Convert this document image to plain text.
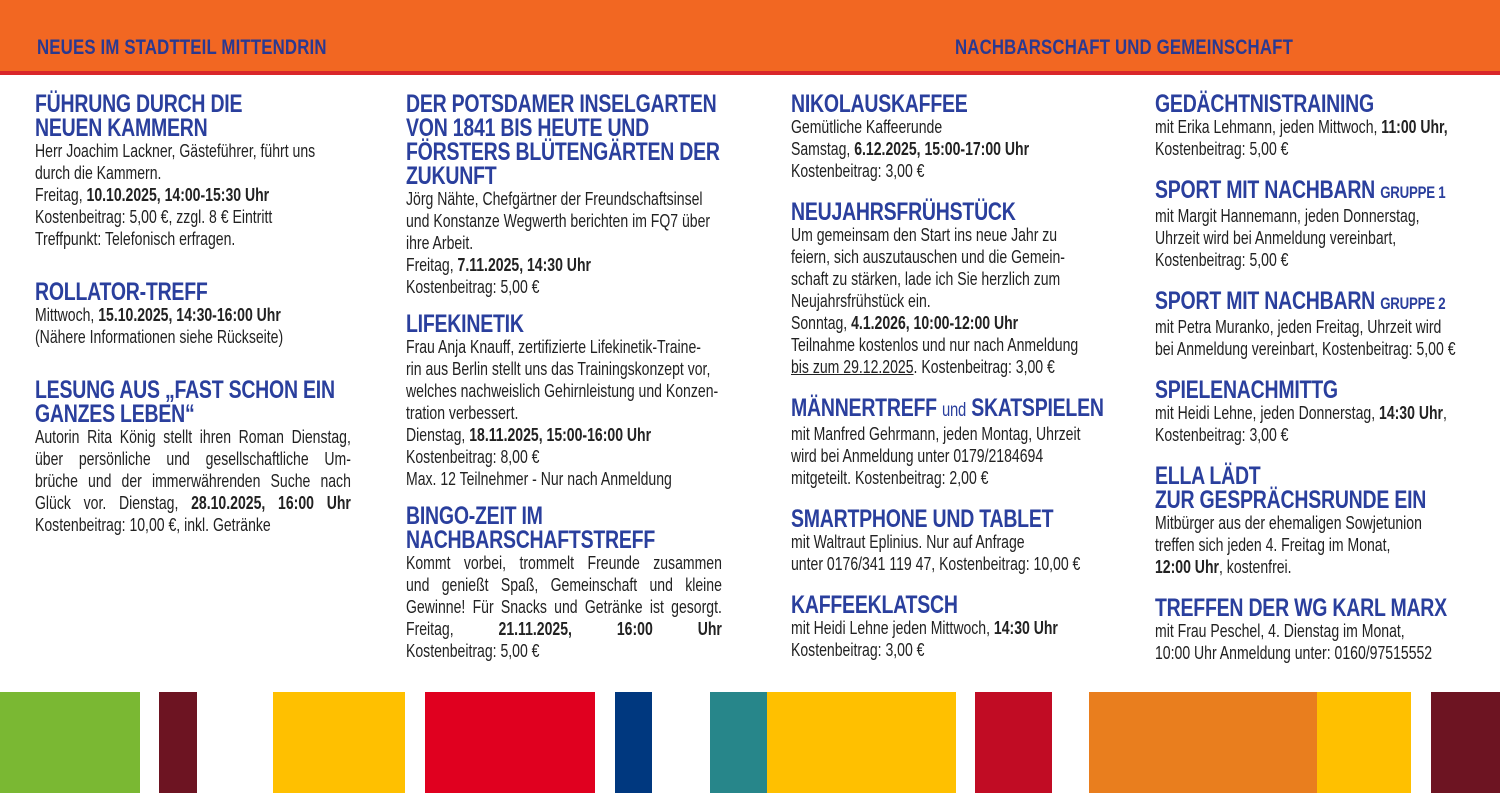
NEUES IM STADTTEIL MITTENDRIN	NACHBARSCHAFT UND GEMEINSCHAFT
FÜHRUNG DURCH DIE
NEUEN KAMMERN
Herr Joachim Lackner, Gästeführer, führt uns
durch die Kammern.
Freitag, 10.10.2025, 14:00-15:30 Uhr
Kostenbeitrag: 5,00 €, zzgl. 8 € Eintritt
Treffpunkt: Telefonisch erfragen.
ROLLATOR-TREFF
Mittwoch, 15.10.2025, 14:30-16:00 Uhr
(Nähere Informationen siehe Rückseite)
LESUNG AUS „FAST SCHON EIN
GANZES LEBEN“
Autorin Rita König stellt ihren Roman Dienstag,
über persönliche und gesellschaftliche Um-
brüche und der immerwährenden Suche nach
Glück vor. Dienstag, 28.10.2025, 16:00 Uhr
Kostenbeitrag: 10,00 €, inkl. Getränke
DER POTSDAMER INSELGARTEN
VON 1841 BIS HEUTE UND
FÖRSTERS BLÜTENGÄRTEN DER
ZUKUNFT
Jörg Nähte, Chefgärtner der Freundschaftsinsel
und Konstanze Wegwerth berichten im FQ7 über
ihre Arbeit.
Freitag, 7.11.2025, 14:30 Uhr
Kostenbeitrag: 5,00 €
LIFEKINETIK
Frau Anja Knauff, zertifizierte Lifekinetik-Traine-
rin aus Berlin stellt uns das Trainingskonzept vor,
welches nachweislich Gehirnleistung und Konzen-
tration verbessert.
Dienstag, 18.11.2025, 15:00-16:00 Uhr
Kostenbeitrag: 8,00 €
Max. 12 Teilnehmer - Nur nach Anmeldung
BINGO-ZEIT IM
NACHBARSCHAFTSTREFF
Kommt vorbei, trommelt Freunde zusammen
und genießt Spaß, Gemeinschaft und kleine
Gewinne! Für Snacks und Getränke ist gesorgt.
Freitag, 21.11.2025, 16:00 Uhr
Kostenbeitrag: 5,00 €
NIKOLAUSKAFFEE
Gemütliche Kaffeerunde
Samstag, 6.12.2025, 15:00-17:00 Uhr
Kostenbeitrag: 3,00 €
NEUJAHRSFRÜHSTÜCK
Um gemeinsam den Start ins neue Jahr zu
feiern, sich auszutauschen und die Gemein-
schaft zu stärken, lade ich Sie herzlich zum
Neujahrsfrühstück ein.
Sonntag, 4.1.2026, 10:00-12:00 Uhr
Teilnahme kostenlos und nur nach Anmeldung
bis zum 29.12.2025. Kostenbeitrag: 3,00 €
MÄNNERTREFF und SKATSPIELEN
mit Manfred Gehrmann, jeden Montag, Uhrzeit
wird bei Anmeldung unter 0179/2184694
mitgeteilt. Kostenbeitrag: 2,00 €
SMARTPHONE UND TABLET
mit Waltraut Eplinius. Nur auf Anfrage
unter 0176/341 119 47, Kostenbeitrag: 10,00 €
KAFFEEKLATSCH
mit Heidi Lehne jeden Mittwoch, 14:30 Uhr
Kostenbeitrag: 3,00 €
GEDÄCHTNISTRAINING
mit Erika Lehmann, jeden Mittwoch, 11:00 Uhr,
Kostenbeitrag: 5,00 €
SPORT MIT NACHBARN GRUPPE 1
mit Margit Hannemann, jeden Donnerstag,
Uhrzeit wird bei Anmeldung vereinbart,
Kostenbeitrag: 5,00 €
SPORT MIT NACHBARN GRUPPE 2
mit Petra Muranko, jeden Freitag, Uhrzeit wird
bei Anmeldung vereinbart, Kostenbeitrag: 5,00 €
SPIELENACHMITTG
mit Heidi Lehne, jeden Donnerstag, 14:30 Uhr,
Kostenbeitrag: 3,00 €
ELLA LÄDT
ZUR GESPRÄCHSRUNDE EIN
Mitbürger aus der ehemaligen Sowjetunion
treffen sich jeden 4. Freitag im Monat,
12:00 Uhr, kostenfrei.
TREFFEN DER WG KARL MARX
mit Frau Peschel, 4. Dienstag im Monat,
10:00 Uhr Anmeldung unter: 0160/97515552
